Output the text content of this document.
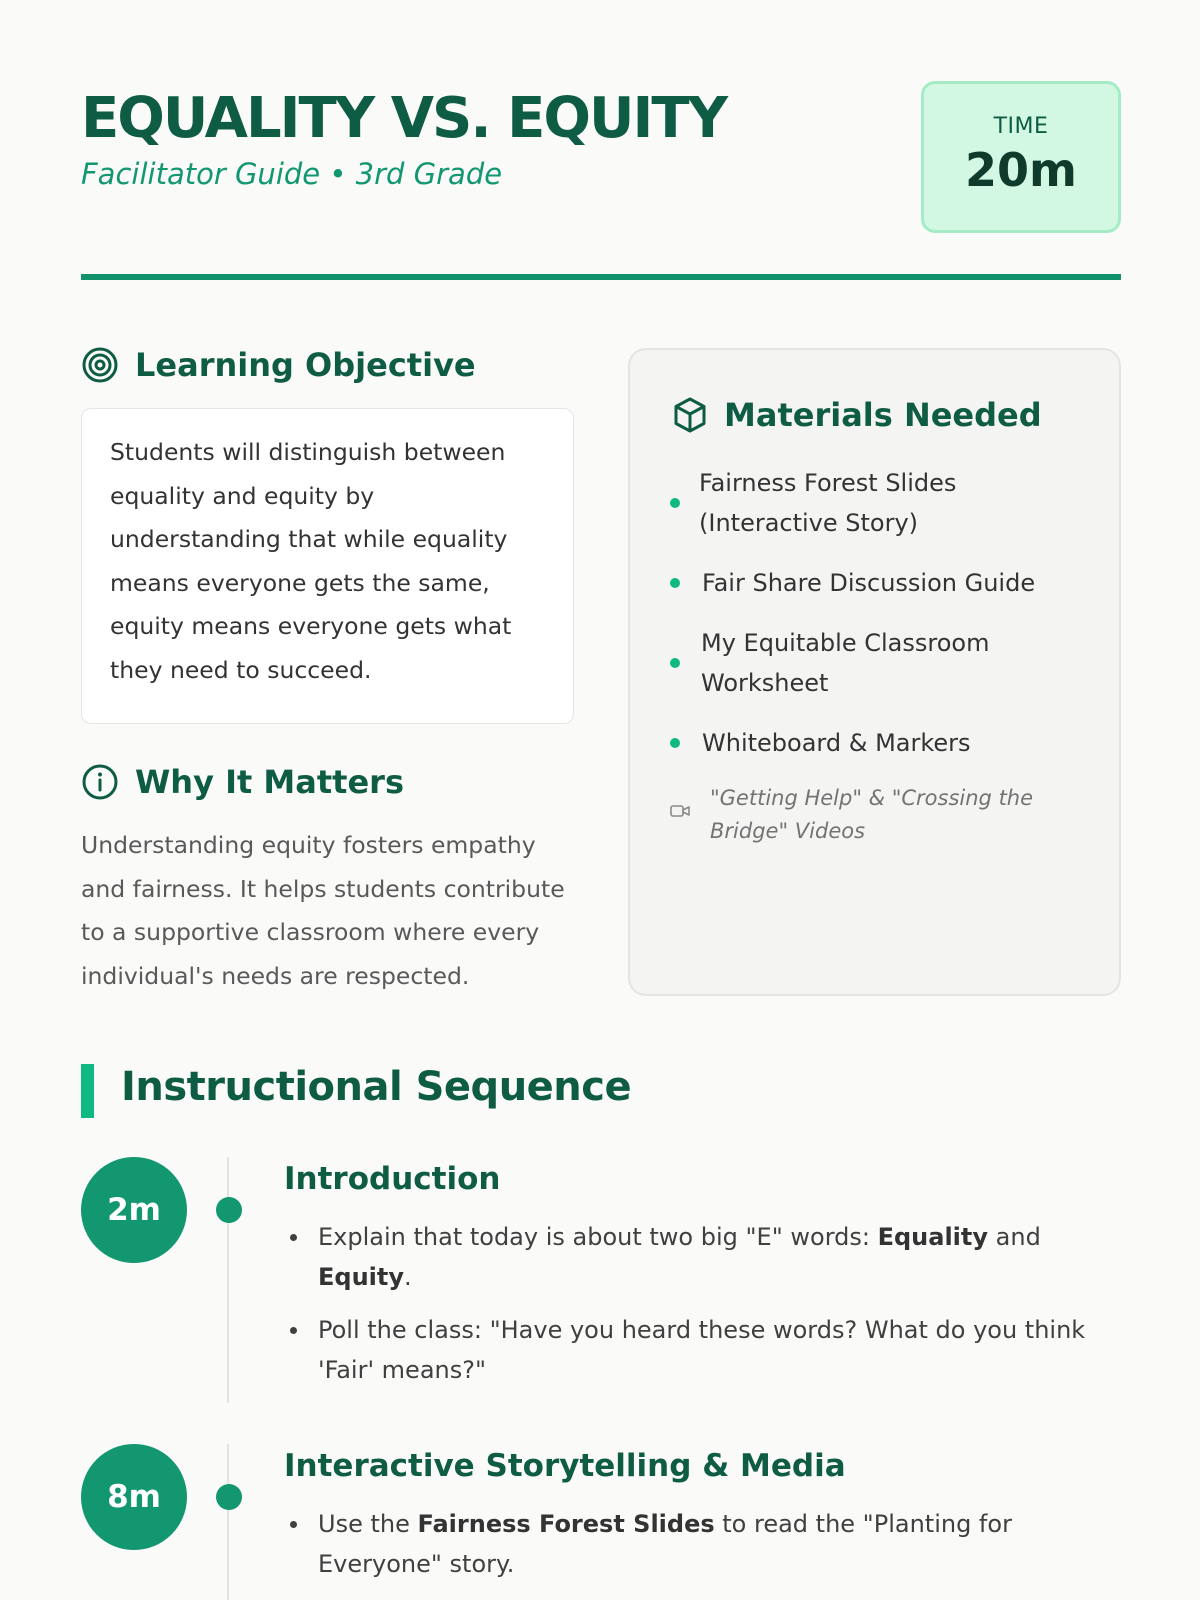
EQUALITY VS. EQUITY
Facilitator Guide • 3rd Grade
TIME
20m
Learning Objective

Students will distinguish between equality and equity by understanding that while equality means everyone gets the same, equity means everyone gets what they need to succeed.

Why It Matters

Understanding equity fosters empathy and fairness. It helps students contribute to a supportive classroom where every individual's needs are respected.

Materials Needed
Fairness Forest Slides (Interactive Story)
Fair Share Discussion Guide
My Equitable Classroom Worksheet
Whiteboard & Markers
"Getting Help" & "Crossing the Bridge" Videos
Instructional Sequence
2m
Introduction
Explain that today is about two big "E" words: Equality and Equity.
Poll the class: "Have you heard these words? What do you think 'Fair' means?"
8m
Interactive Storytelling & Media
Use the Fairness Forest Slides to read the "Planting for Everyone" story.
